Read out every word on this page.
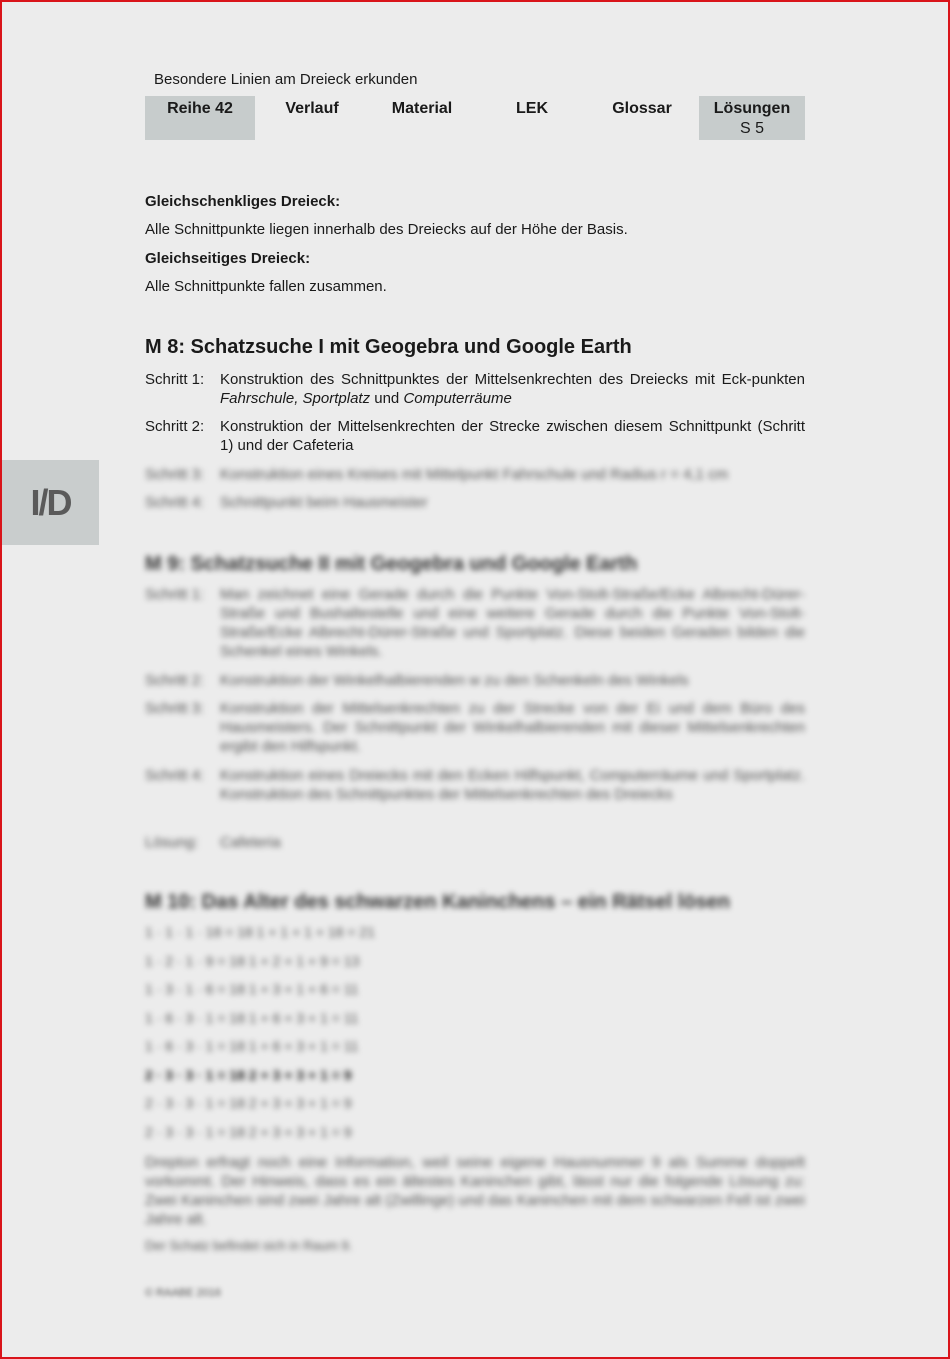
Besondere Linien am Dreieck erkunden
Reihe 42	Verlauf	Material	LEK	Glossar	Lösungen
S 5
I/D
Gleichschenkliges Dreieck:
Alle Schnittpunkte liegen innerhalb des Dreiecks auf der Höhe der Basis.
Gleichseitiges Dreieck:
Alle Schnittpunkte fallen zusammen.
M 8: Schatzsuche I mit Geogebra und Google Earth
Schritt 1: Konstruktion des Schnittpunktes der Mittelsenkrechten des Dreiecks mit Eck-punkten Fahrschule, Sportplatz und Computerräume
Schritt 2: Konstruktion der Mittelsenkrechten der Strecke zwischen diesem Schnittpunkt (Schritt 1) und der Cafeteria
Schritt 3: Konstruktion eines Kreises mit Mittelpunkt Fahrschule und Radius r = 4,1 cm
Schritt 4: Schnittpunkt beim Hausmeister
M 9: Schatzsuche II mit Geogebra und Google Earth
Schritt 1: Man zeichnet eine Gerade durch die Punkte Von-Stolt-Straße/Ecke Albrecht-Dürer-Straße und Bushaltestelle und eine weitere Gerade durch die Punkte Von-Stolt-Straße/Ecke Albrecht-Dürer-Straße und Sportplatz. Diese beiden Geraden bilden die Schenkel eines Winkels.
Schritt 2: Konstruktion der Winkelhalbierenden w zu den Schenkeln des Winkels
Schritt 3: Konstruktion der Mittelsenkrechten zu der Strecke von der Ei und dem Büro des Hausmeisters. Der Schnittpunkt der Winkelhalbierenden mit dieser Mittelsenkrechten ergibt den Hilfspunkt.
Schritt 4: Konstruktion eines Dreiecks mit den Ecken Hilfspunkt, Computerräume und Sportplatz. Konstruktion des Schnittpunktes der Mittelsenkrechten des Dreiecks
Lösung: Cafeteria
M 10: Das Alter des schwarzen Kaninchens – ein Rätsel lösen
1 · 1 · 1 · 18 = 18 1 + 1 + 1 + 18 = 21
1 · 2 · 1 · 9 = 18 1 + 2 + 1 + 9 = 13
1 · 3 · 1 · 6 = 18 1 + 3 + 1 + 6 = 11
1 · 6 · 3 · 1 = 18 1 + 6 + 3 + 1 = 11
1 · 6 · 3 · 1 = 18 1 + 6 + 3 + 1 = 11
2 · 3 · 3 · 1 = 18 2 + 3 + 3 + 1 = 9
2 · 3 · 3 · 1 = 18 2 + 3 + 3 + 1 = 9
2 · 3 · 3 · 1 = 18 2 + 3 + 3 + 1 = 9
Drepton erfragt noch eine Information, weil seine eigene Hausnummer 9 als Summe doppelt vorkommt. Der Hinweis, dass es ein ältestes Kaninchen gibt, lässt nur die folgende Lösung zu: Zwei Kaninchen sind zwei Jahre alt (Zwillinge) und das Kaninchen mit dem schwarzen Fell ist zwei Jahre alt.
Der Schatz befindet sich in Raum 9.
© RAABE 2016
